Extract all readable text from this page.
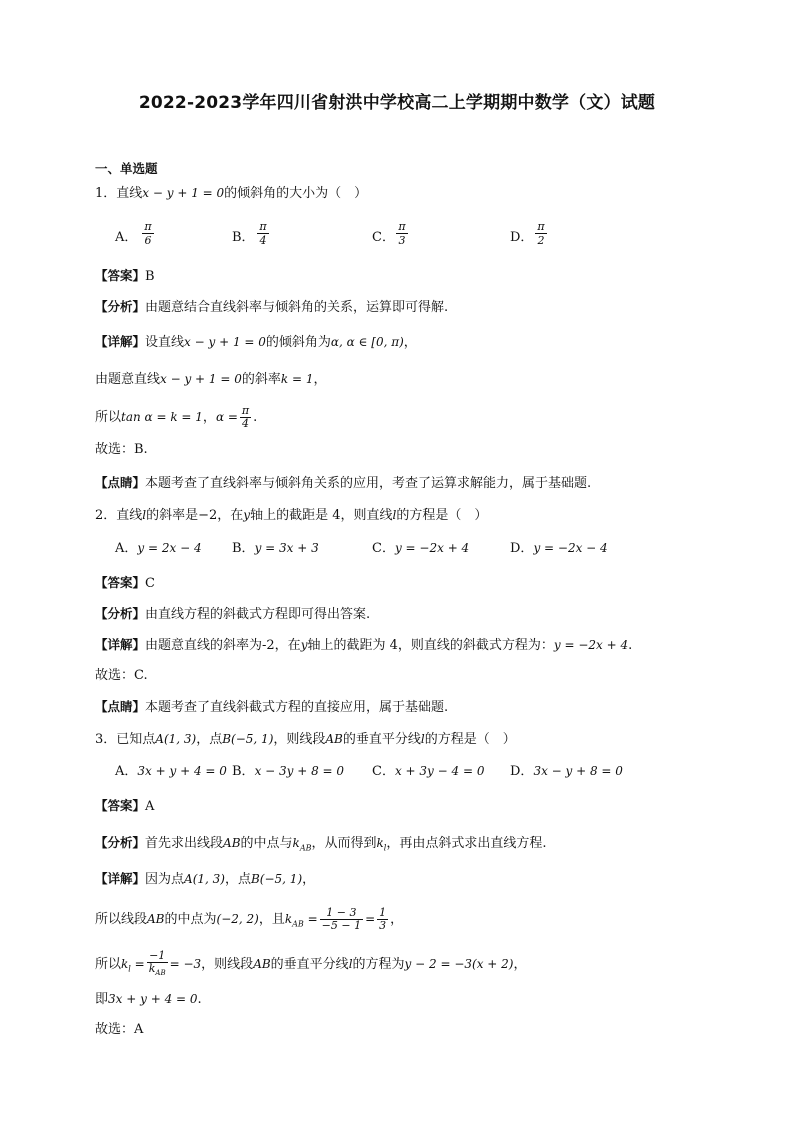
2022-2023学年四川省射洪中学校高二上学期期中数学（文）试题
一、单选题
1．直线x − y + 1 = 0的倾斜角的大小为（　）
A．
π
6	B．
π
4	C．
π
3	D．
π
2
【答案】B
【分析】由题意结合直线斜率与倾斜角的关系，运算即可得解.
【详解】设直线x − y + 1 = 0的倾斜角为α, α ∈ [0, π)，
由题意直线x − y + 1 = 0的斜率k = 1，
所以tan α = k = 1，$\alpha = \frac{\pi}{4}$ .
故选：B.
【点睛】本题考查了直线斜率与倾斜角关系的应用，考查了运算求解能力，属于基础题.
2．直线l的斜率是−2，在y轴上的截距是 4，则直线l的方程是（　）
A．y = 2x − 4 B．y = 3x + 3	C．y = −2x + 4	D．y = −2x − 4
【答案】C
【分析】由直线方程的斜截式方程即可得出答案.
【详解】由题意直线的斜率为-2，在y轴上的截距为 4，则直线的斜截式方程为：y = −2x + 4.
故选：C.
【点睛】本题考查了直线斜截式方程的直接应用，属于基础题.
3．已知点A(1, 3)，点B(−5, 1)，则线段AB的垂直平分线l的方程是（　）
A．3x + y + 4 = 0 B．x − 3y + 8 = 0 C．x + 3y − 4 = 0 D．3x − y + 8 = 0
【答案】A
【分析】首先求出线段AB的中点与$k_{AB}$，从而得到$k_l$，再由点斜式求出直线方程.
【详解】因为点A(1, 3)，点B(−5, 1)，
所以线段AB的中点为(−2, 2)，且$k_{AB} = \frac{1 - 3}{-5 - 1} = \frac{1}{3}$ ，
所以$k_l = \frac{-1}{k_{AB}} = -3$，则线段AB的垂直平分线l的方程为y − 2 = −3(x + 2)，
即3x + y + 4 = 0.
故选：A
